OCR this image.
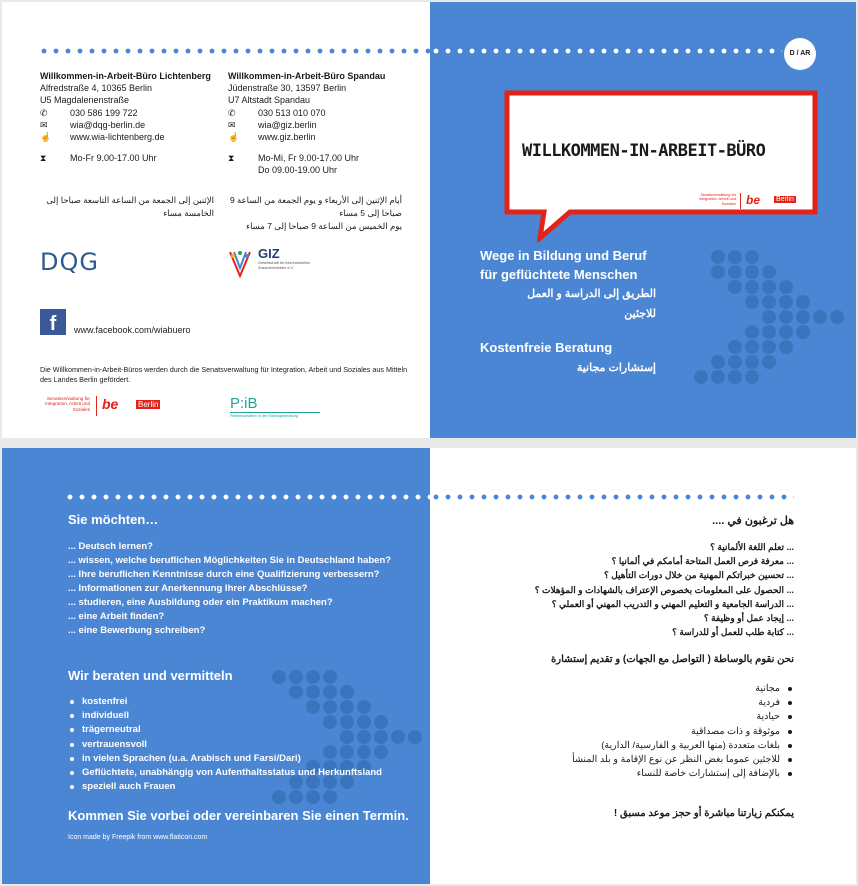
Willkommen-in-Arbeit-Büro Lichtenberg
Alfredstraße 4, 10365 Berlin
U5 Magdalenenstraße
✆ 030 586 199 722
✉ wia@dqg-berlin.de
☝ www.wia-lichtenberg.de
⧗	Mo-Fr 9.00-17.00 Uhr
الإثنين إلى الجمعة من الساعة التاسعة صباحا إلى الخامسة مساء
Willkommen-in-Arbeit-Büro Spandau
Jüdenstraße 30, 13597 Berlin
U7 Altstadt Spandau
✆ 030 513 010 070
✉ wia@giz.berlin
☝ www.giz.berlin
⧗	Mo-Mi, Fr 9.00-17.00 Uhr
Do 09.00-19.00 Uhr
أيام الإثنين إلى الأربعاء و يوم الجمعة من الساعة 9 صباحا إلى 5 مساء
يوم الخميس من الساعة 9 صباحا إلى 7 مساء
DQG	GIZ
Gesellschaft für interkulturelles Zusammenleben e.V.
f	www.facebook.com/wiabuero
Die Willkommen-in-Arbeit-Büros werden durch die Senatsverwaltung für Integration, Arbeit und Soziales aus Mitteln des Landes Berlin gefördert.
Senatsverwaltung für Integration, Arbeit und Soziales be Berlin	P:iB
Partnerschaften in der Bildungsberatung
D / AR
WILLKOMMEN-IN-ARBEIT-BÜRO
Senatsverwaltung für Integration, Arbeit und Soziales be Berlin
Wege in Bildung und Beruf
für geflüchtete Menschen
الطريق إلى الدراسة و العمل
للاجئين
Kostenfreie Beratung
إستشارات مجانية
Sie möchten…
... Deutsch lernen?
... wissen, welche beruflichen Möglichkeiten Sie in Deutschland haben?
... Ihre beruflichen Kenntnisse durch eine Qualifizierung verbessern?
... Informationen zur Anerkennung Ihrer Abschlüsse?
... studieren, eine Ausbildung oder ein Praktikum machen?
... eine Arbeit finden?
... eine Bewerbung schreiben?
Wir beraten und vermitteln
kostenfrei
individuell
trägerneutral
vertrauensvoll
in vielen Sprachen (u.a. Arabisch und Farsi/Dari)
Geflüchtete, unabhängig von Aufenthaltsstatus und Herkunftsland
speziell auch Frauen
Kommen Sie vorbei oder vereinbaren Sie einen Termin.
Icon made by Freepik from www.flaticon.com
هل ترغبون في ....
... تعلم اللغة الألمانية ؟
... معرفة فرص العمل المتاحة أمامكم في ألمانيا ؟
... تحسين خبراتكم المهنية من خلال دورات التأهيل ؟
... الحصول على المعلومات بخصوص الإعتراف بالشهادات و المؤهلات ؟
... الدراسة الجامعية و التعليم المهني و التدريب المهني أو العملي ؟
... إيجاد عمل أو وظيفة ؟
... كتابة طلب للعمل أو للدراسة ؟
نحن نقوم بالوساطة ( التواصل مع الجهات) و تقديم إستشارة
مجانية
فردية
حيادية
موثوقة و ذات مصداقية
بلغات متعددة (منها العربية و الفارسية/ الدارية)
للاجئين عموما بغض النظر عن نوع الإقامة و بلد المنشأ
بالإضافة إلى إستشارات خاصة للنساء
يمكنكم زيارتنا مباشرة أو حجز موعد مسبق !
